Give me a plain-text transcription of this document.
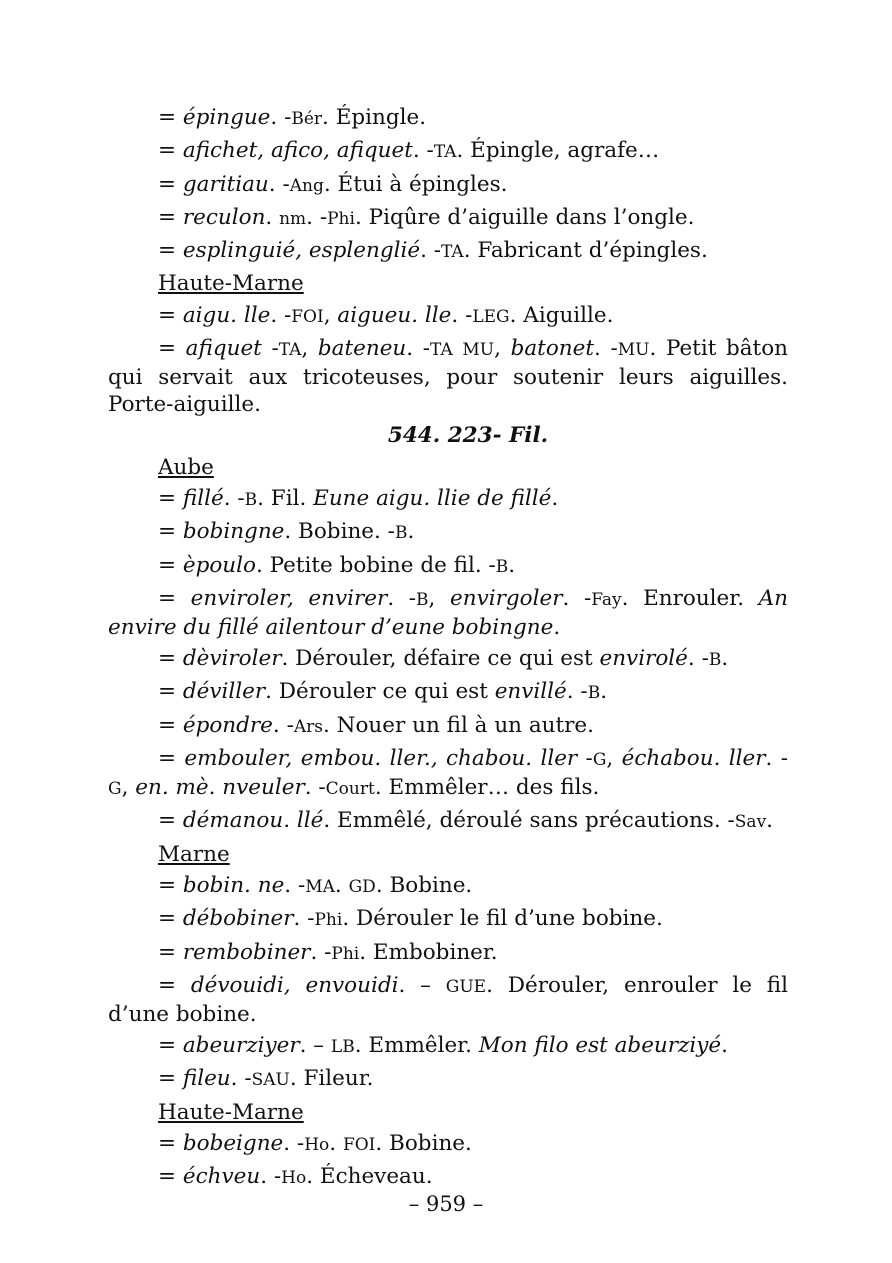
= épingue. -Bér. Épingle.

= afichet, afico, afiquet. -TA. Épingle, agrafe…

= garitiau. -Ang. Étui à épingles.

= reculon. nm. -Phi. Piqûre d’aiguille dans l’ongle.

= esplinguié, esplenglié. -TA. Fabricant d’épingles.

Haute-Marne

= aigu. lle. -FOI, aigueu. lle. -LEG. Aiguille.

= afiquet -TA, bateneu. -TA MU, batonet. -MU. Petit bâton qui servait aux tricoteuses, pour soutenir leurs aiguilles. Porte-aiguille.

544. 223- Fil.

Aube

= fillé. -B. Fil. Eune aigu. llie de fillé.

= bobingne. Bobine. -B.

= èpoulo. Petite bobine de fil. -B.

= enviroler, envirer. -B, envirgoler. -Fay. Enrouler. An envire du fillé ailentour d’eune bobingne.

= dèviroler. Dérouler, défaire ce qui est envirolé. -B.

= déviller. Dérouler ce qui est envillé. -B.

= épondre. -Ars. Nouer un fil à un autre.

= embouler, embou. ller., chabou. ller -G, échabou. ller. -G, en. mè. nveuler. -Court. Emmêler… des fils.

= démanou. llé. Emmêlé, déroulé sans précautions. -Sav.

Marne

= bobin. ne. -MA. GD. Bobine.

= débobiner. -Phi. Dérouler le fil d’une bobine.

= rembobiner. -Phi. Embobiner.

= dévouidi, envouidi. – GUE. Dérouler, enrouler le fil d’une bobine.

= abeurziyer. – LB. Emmêler. Mon filo est abeurziyé.

= fileu. -SAU. Fileur.

Haute-Marne

= bobeigne. -Ho. FOI. Bobine.

= échveu. -Ho. Écheveau.

– 959 –
